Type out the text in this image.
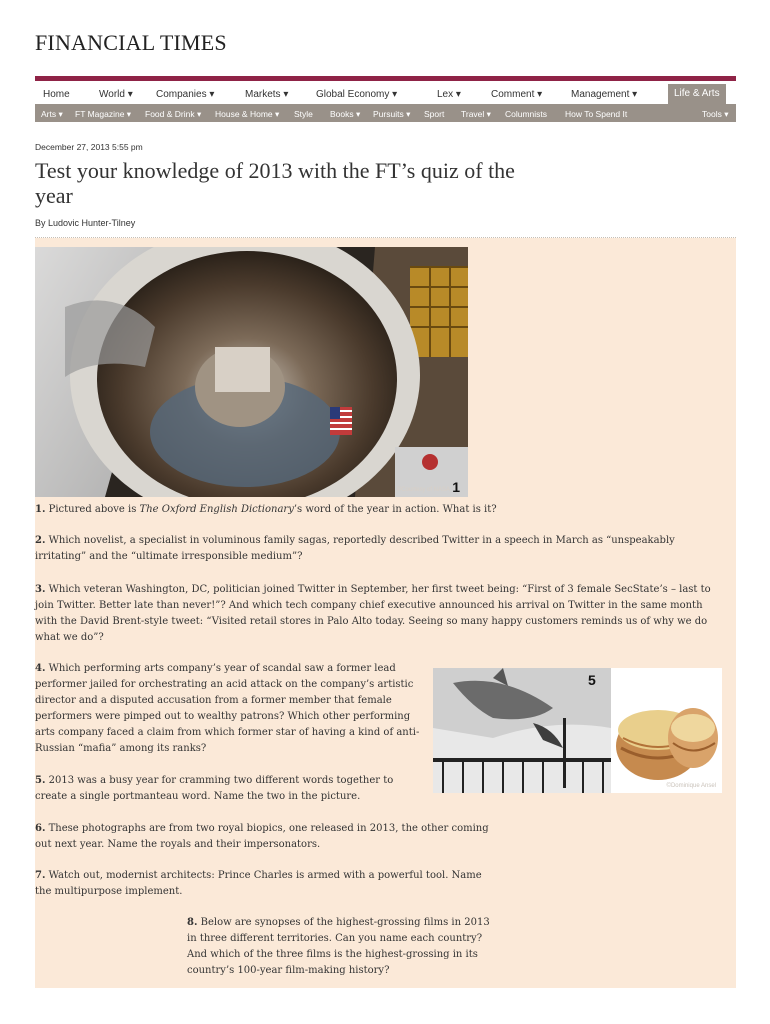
FINANCIAL TIMES
Home	World ▾ Companies ▾	Markets ▾	Global Economy ▾	Lex ▾	Comment ▾	Management ▾	Life & Arts
Arts ▾ FT Magazine ▾ Food & Drink ▾ House & Home ▾ Style Books ▾ Pursuits ▾ Sport Travel ▾ Columnists How To Spend It	Tools ▾
December 27, 2013 5:55 pm
Test your knowledge of 2013 with the FT’s quiz of the year
By Ludovic Hunter-Tilney
©Courtesy of NASA 1

1. Pictured above is The Oxford English Dictionary’s word of the year in action. What is it?

2. Which novelist, a specialist in voluminous family sagas, reportedly described Twitter in a speech in March as “unspeakably irritating” and the “ultimate irresponsible medium”?

3. Which veteran Washington, DC, politician joined Twitter in September, her first tweet being: “First of 3 female SecState’s – last to join Twitter. Better late than never!”? And which tech company chief executive announced his arrival on Twitter in the same month with the David Brent-style tweet: “Visited retail stores in Palo Alto today. Seeing so many happy customers reminds us of why we do what we do”?

4. Which performing arts company’s year of scandal saw a former lead performer jailed for orchestrating an acid attack on the company’s artistic director and a disputed accusation from a former member that female performers were pimped out to wealthy patrons? Which other performing arts company faced a claim from which former star of having a kind of anti-Russian “mafia” among its ranks?

5
©Dominique Ansel

5. 2013 was a busy year for cramming two different words together to create a single portmanteau word. Name the two in the picture.

6. These photographs are from two royal biopics, one released in 2013, the other coming out next year. Name the royals and their impersonators.

7. Watch out, modernist architects: Prince Charles is armed with a powerful tool. Name the multipurpose implement.

8. Below are synopses of the highest-grossing films in 2013 in three different territories. Can you name each country? And which of the three films is the highest-grossing in its country’s 100-year film-making history?
